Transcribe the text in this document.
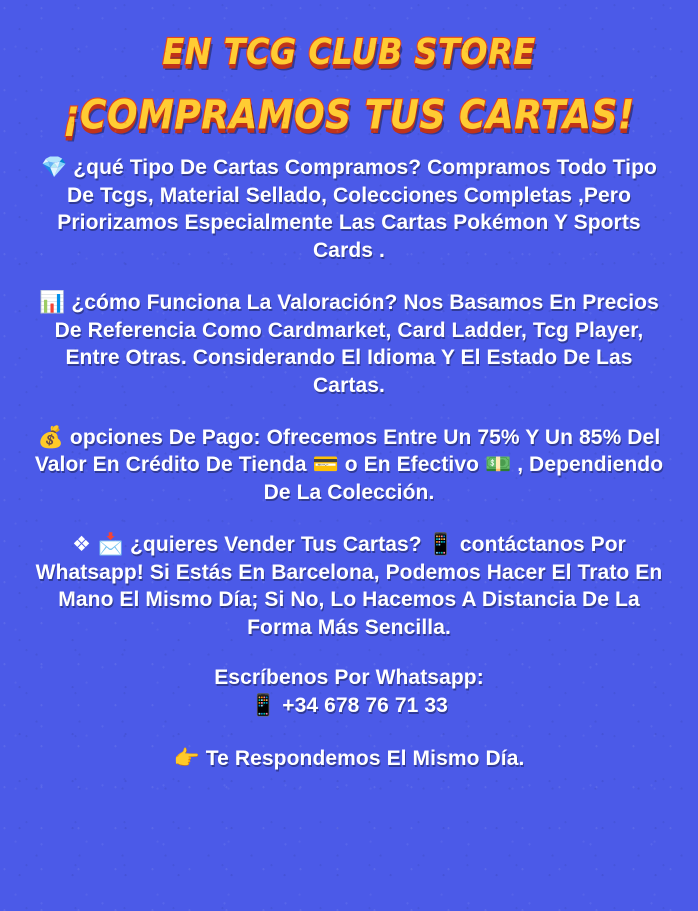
EN TCG CLUB STORE
¡COMPRAMOS TUS CARTAS!

💎 ¿qué Tipo De Cartas Compramos? Compramos Todo Tipo De Tcgs, Material Sellado, Colecciones Completas ,Pero Priorizamos Especialmente Las Cartas Pokémon Y Sports Cards .

📊 ¿cómo Funciona La Valoración? Nos Basamos En Precios De Referencia Como Cardmarket, Card Ladder, Tcg Player, Entre Otras. Considerando El Idioma Y El Estado De Las Cartas.

💰 opciones De Pago: Ofrecemos Entre Un 75% Y Un 85% Del Valor En Crédito De Tienda 💳 o En Efectivo 💵 , Dependiendo De La Colección.

❖ 📩 ¿quieres Vender Tus Cartas? 📱 contáctanos Por Whatsapp! Si Estás En Barcelona, Podemos Hacer El Trato En Mano El Mismo Día; Si No, Lo Hacemos A Distancia De La Forma Más Sencilla.

Escríbenos Por Whatsapp:
📱 +34 678 76 71 33

👉 Te Respondemos El Mismo Día.
